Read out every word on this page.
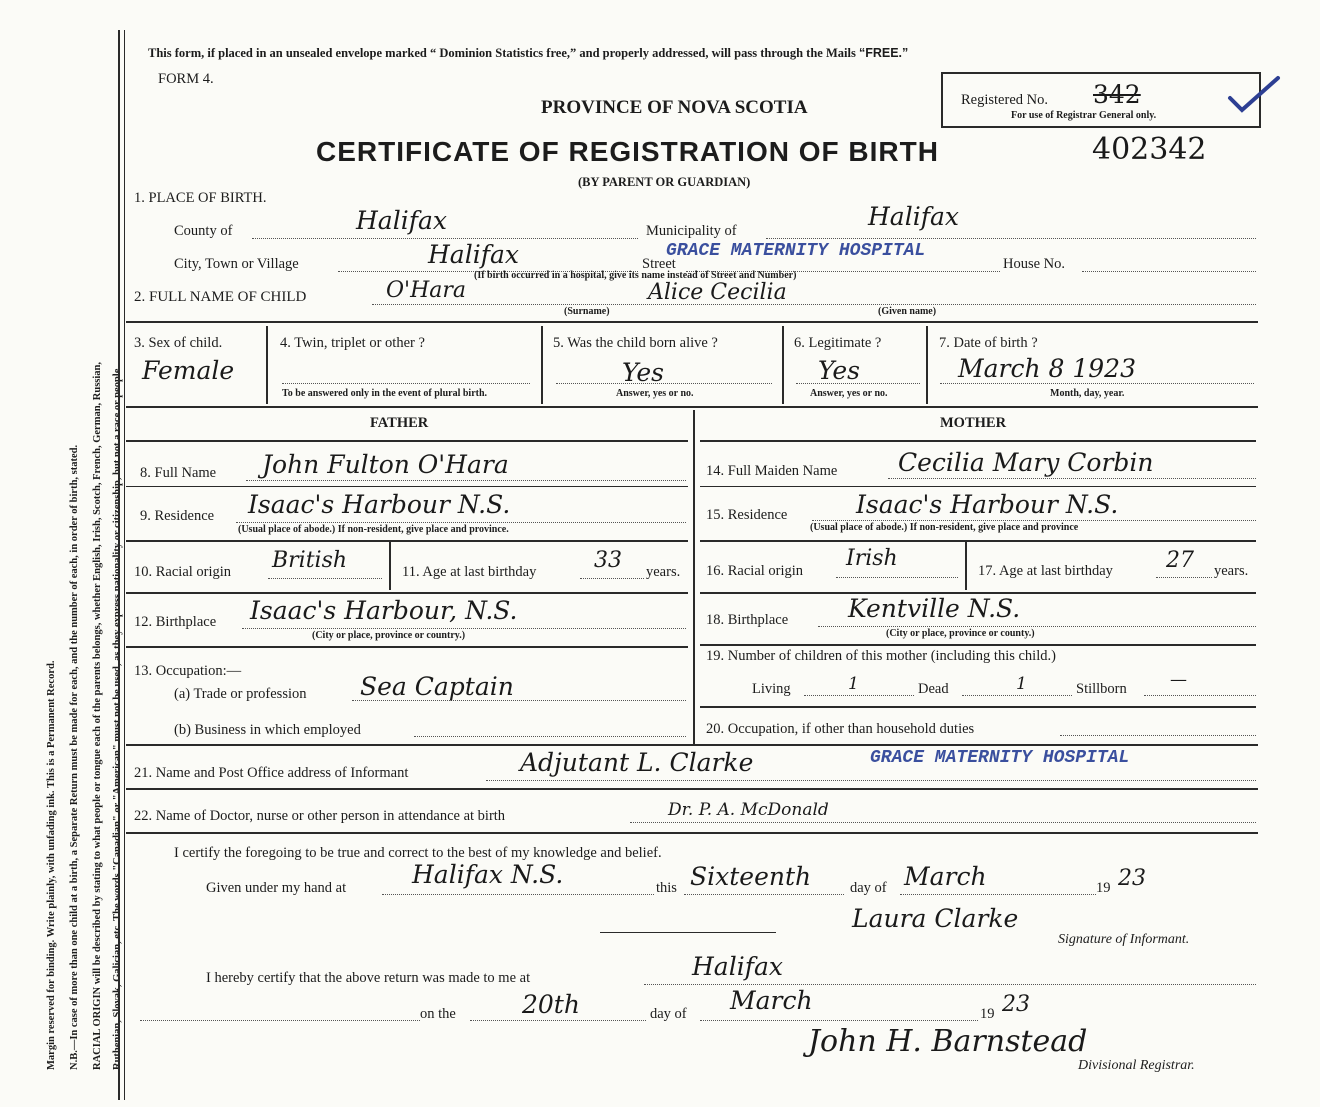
Margin reserved for binding. Write plainly, with unfading ink. This is a Permanent Record. N.B.—In case of more than one child at a birth, a Separate Return must be made for each, and the number of each, in order of birth, stated. RACIAL ORIGIN will be described by stating to what people or tongue each of the parents belongs, whether English, Irish, Scotch, French, German, Russian, Ruthenian, Slovak, Galician, etc. The words "Canadian" or "American" must not be used, as they express nationality or citizenship, but not a race or people.
This form, if placed in an unsealed envelope marked “ Dominion Statistics free,” and properly addressed, will pass through the Mails “FREE.”
FORM 4.
Registered No. 342
For use of Registrar General only.
PROVINCE OF NOVA SCOTIA
CERTIFICATE OF REGISTRATION OF BIRTH	402342
(BY PARENT OR GUARDIAN)
1. PLACE OF BIRTH.
County of	Halifax	Municipality of	Halifax
City, Town or Village	Halifax	Street
GRACE MATERNITY HOSPITAL
(If birth occurred in a hospital, give its name instead of Street and Number)
House No.
2. FULL NAME OF CHILD	O'Hara	Alice Cecilia
(Surname)	(Given name)
3. Sex of child.
Female
4. Twin, triplet or other ?
To be answered only in the event of plural birth.
5. Was the child born alive ?
Yes
Answer, yes or no.
6. Legitimate ?
Yes
Answer, yes or no.
7. Date of birth ?
March 8 1923
Month, day, year.
FATHER	MOTHER
8. Full Name John Fulton O'Hara
9. Residence Isaac's Harbour N.S.
(Usual place of abode.) If non-resident, give place and province.
10. Racial origin British	11. Age at last birthday	33 years.
12. Birthplace Isaac's Harbour, N.S.
(City or place, province or country.)
13. Occupation:—
(a) Trade or profession Sea Captain
(b) Business in which employed
14. Full Maiden Name Cecilia Mary Corbin
15. Residence	Isaac's Harbour N.S.
(Usual place of abode.) If non-resident, give place and province
16. Racial origin Irish	17. Age at last birthday 27 years.
18. Birthplace Kentville N.S.
(City or place, province or county.)
19. Number of children of this mother (including this child.)
Living	1	Dead	1	Stillborn	—
20. Occupation, if other than household duties
21. Name and Post Office address of Informant	Adjutant L. Clarke	GRACE MATERNITY HOSPITAL
22. Name of Doctor, nurse or other person in attendance at birth	Dr. P. A. McDonald
I certify the foregoing to be true and correct to the best of my knowledge and belief.
Given under my hand at	Halifax N.S.	this Sixteenth	day of March	19 23
Laura Clarke
Signature of Informant.
I hereby certify that the above return was made to me at	Halifax
on the	20th	day of March	19 23
John H. Barnstead
Divisional Registrar.
